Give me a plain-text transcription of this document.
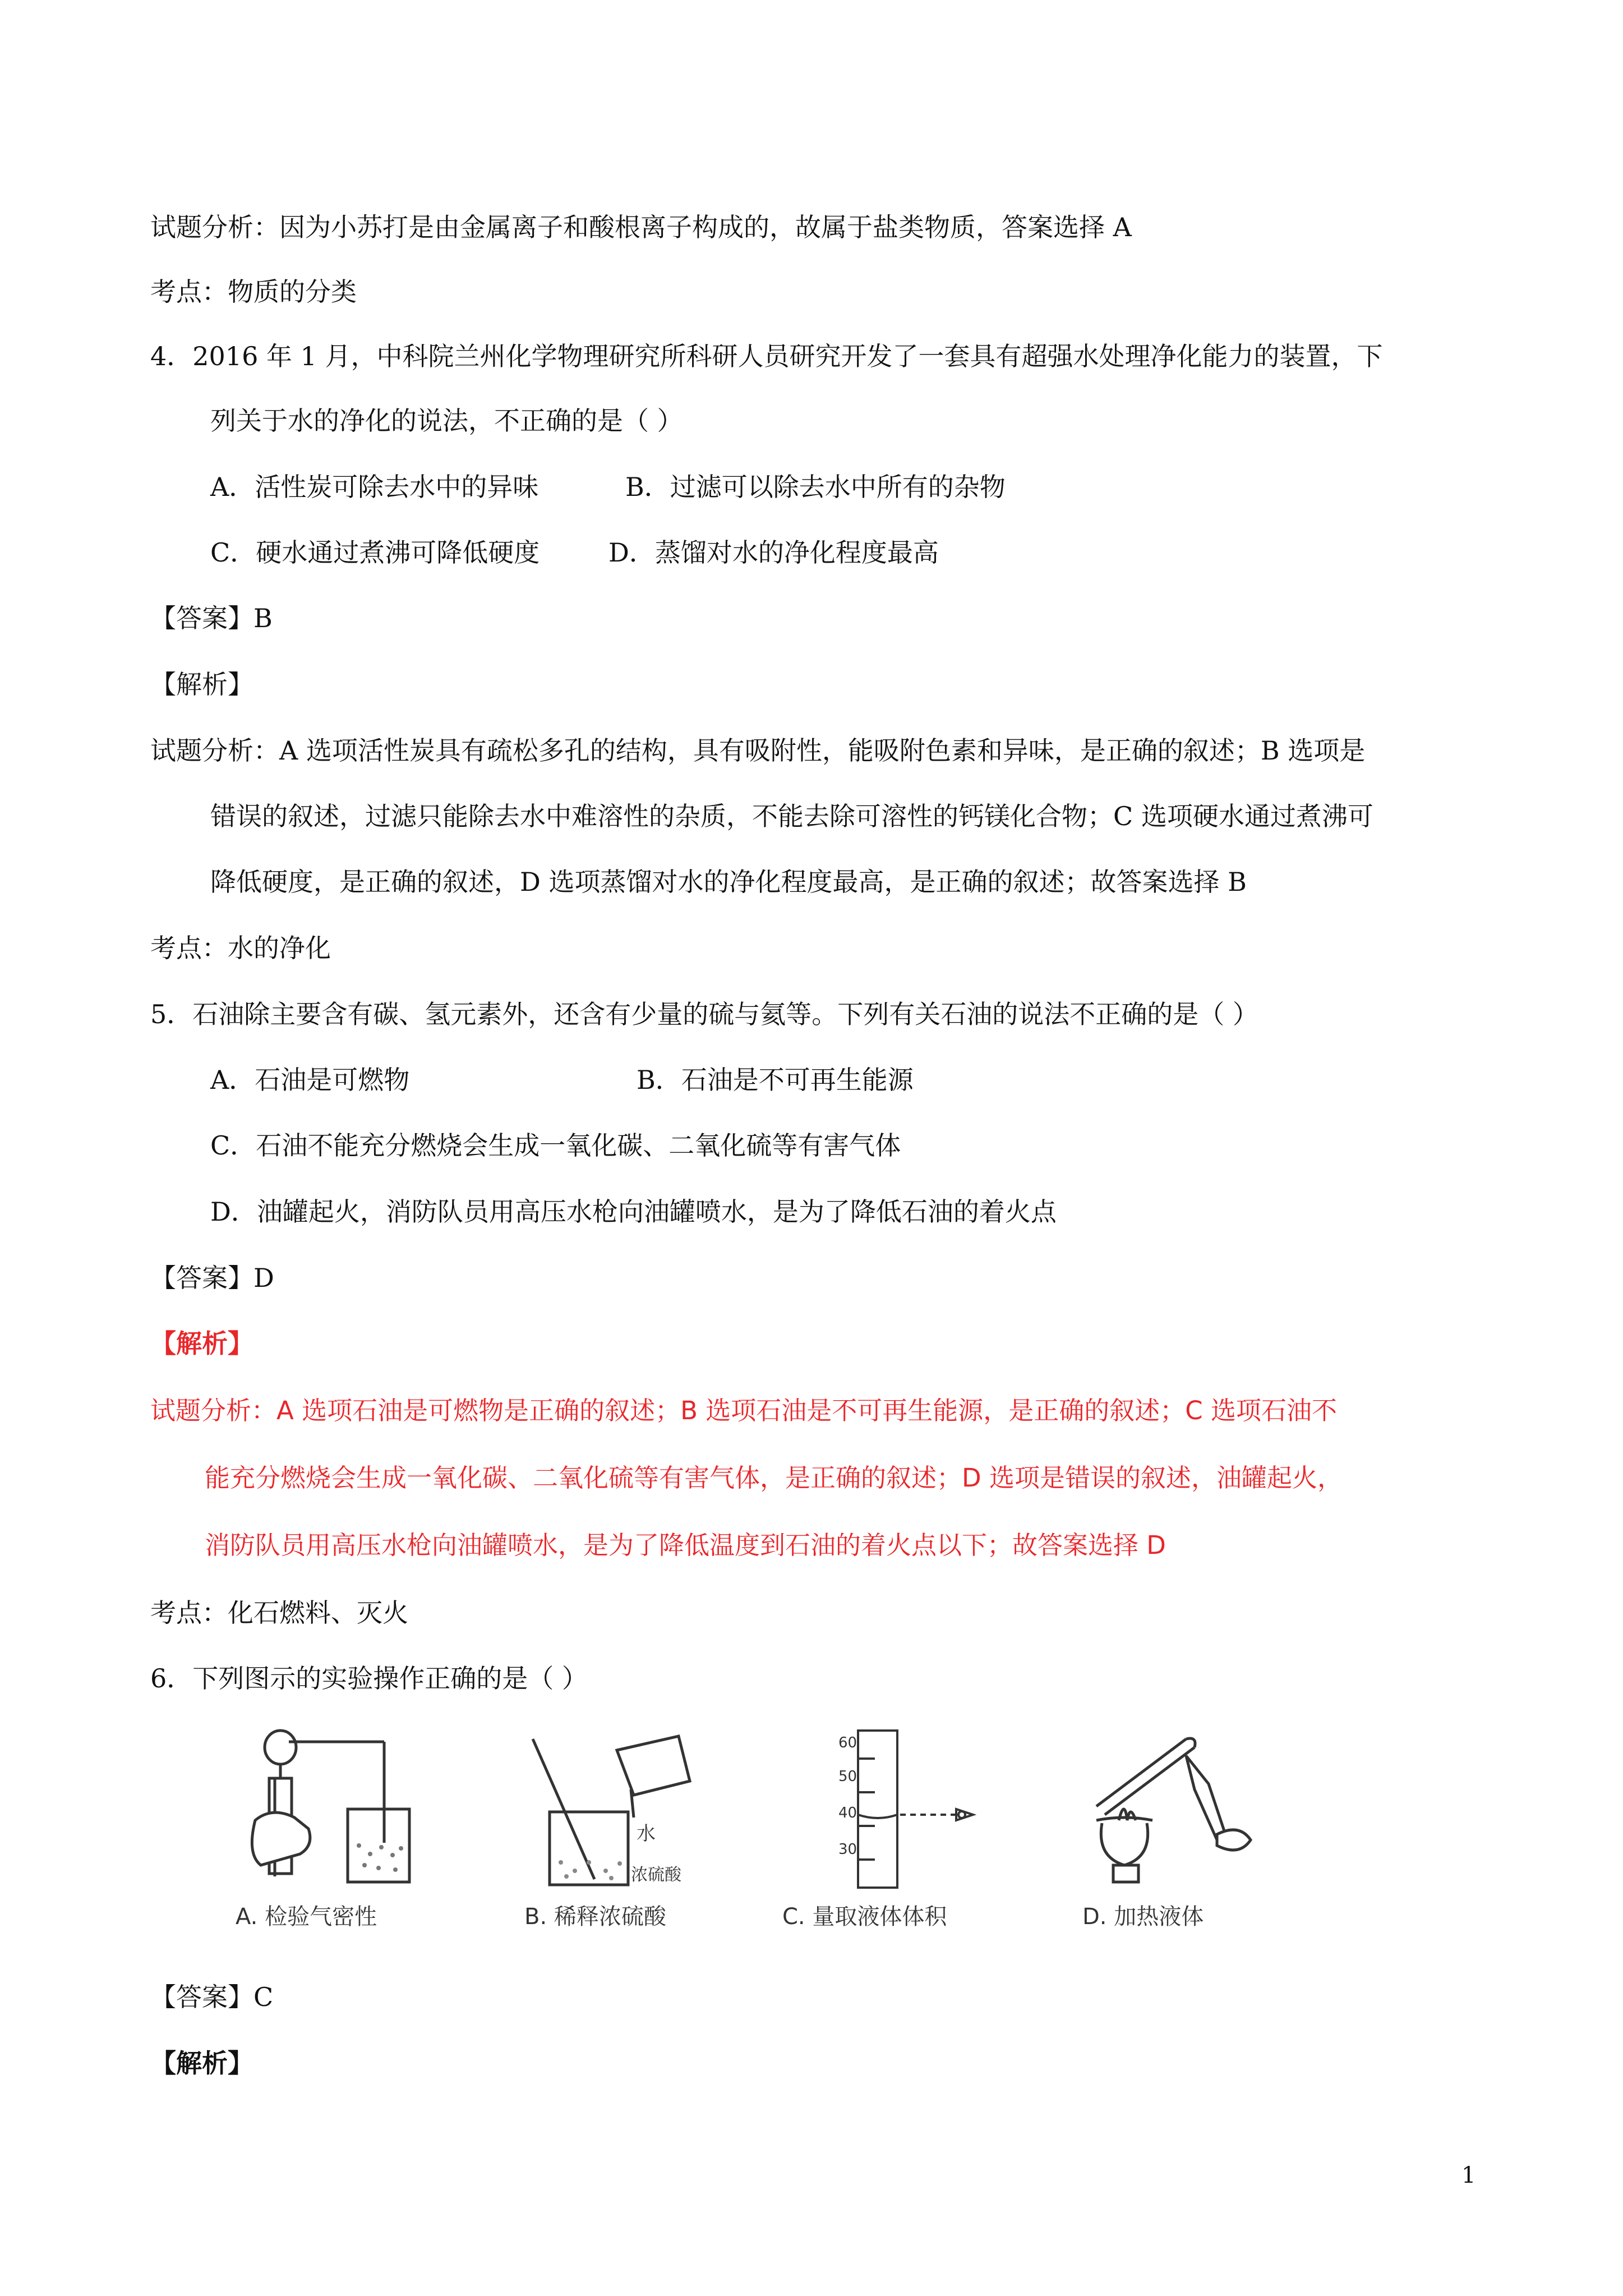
试题分析：因为小苏打是由金属离子和酸根离子构成的，故属于盐类物质，答案选择 A
考点：物质的分类
4．2016 年 1 月，中科院兰州化学物理研究所科研人员研究开发了一套具有超强水处理净化能力的装置，下
列关于水的净化的说法，不正确的是（ ）
A．活性炭可除去水中的异味	B．过滤可以除去水中所有的杂物
C．硬水通过煮沸可降低硬度	D．蒸馏对水的净化程度最高
【答案】B
【解析】
试题分析：A 选项活性炭具有疏松多孔的结构，具有吸附性，能吸附色素和异味，是正确的叙述；B 选项是
错误的叙述，过滤只能除去水中难溶性的杂质，不能去除可溶性的钙镁化合物；C 选项硬水通过煮沸可
降低硬度，是正确的叙述，D 选项蒸馏对水的净化程度最高，是正确的叙述；故答案选择 B
考点：水的净化
5．石油除主要含有碳、氢元素外，还含有少量的硫与氦等。下列有关石油的说法不正确的是（ ）
A．石油是可燃物	B．石油是不可再生能源
C．石油不能充分燃烧会生成一氧化碳、二氧化硫等有害气体
D．油罐起火，消防队员用高压水枪向油罐喷水，是为了降低石油的着火点
【答案】D
【解析】
试题分析：A 选项石油是可燃物是正确的叙述；B 选项石油是不可再生能源，是正确的叙述；C 选项石油不
能充分燃烧会生成一氧化碳、二氧化硫等有害气体，是正确的叙述；D 选项是错误的叙述，油罐起火，
消防队员用高压水枪向油罐喷水，是为了降低温度到石油的着火点以下；故答案选择 D
考点：化石燃料、灭火
6．下列图示的实验操作正确的是（ ）
A. 检验气密性
水
浓硫酸
B. 稀释浓硫酸
60
50
40
30
C. 量取液体体积	D. 加热液体
【答案】C
【解析】
1
